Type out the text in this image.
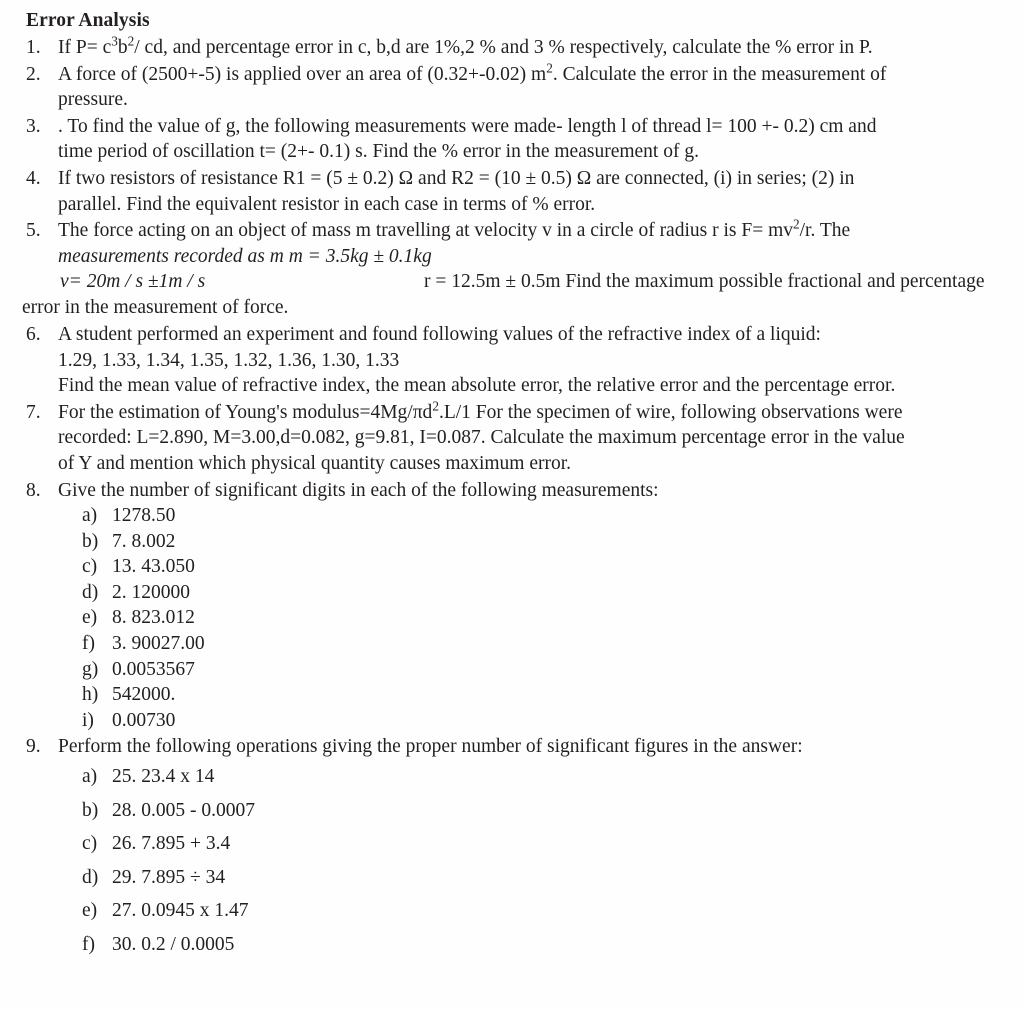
Error Analysis
1. If $P= c^3b^2/$ cd, and percentage error in c, b,d are 1%,2 % and 3 % respectively, calculate the % error in P.
2. A force of (2500+-5) is applied over an area of (0.32+-0.02) $m^2$. Calculate the error in the measurement of
pressure.
3. . To find the value of g, the following measurements were made- length l of thread l= 100 +- 0.2) cm and
time period of oscillation t= (2+- 0.1) s. Find the % error in the measurement of g.
4. If two resistors of resistance R1 = (5 ± 0.2) Ω and R2 = (10 ± 0.5) Ω are connected, (i) in series; (2) in
parallel. Find the equivalent resistor in each case in terms of % error.
5. The force acting on an object of mass m travelling at velocity v in a circle of radius r is $F= mv^2/r$. The
measurements recorded as m m = 3.5kg ± 0.1kg
v= 20m / s ±1m / s	r = 12.5m ± 0.5m Find the maximum possible fractional and percentage
error in the measurement of force.
6. A student performed an experiment and found following values of the refractive index of a liquid:
1.29, 1.33, 1.34, 1.35, 1.32, 1.36, 1.30, 1.33
Find the mean value of refractive index, the mean absolute error, the relative error and the percentage error.
7. For the estimation of Young's $modulus=4Mg/\pi d^2.L/1$ For the specimen of wire, following observations were
recorded: L=2.890, M=3.00,d=0.082, g=9.81, I=0.087. Calculate the maximum percentage error in the value
of Y and mention which physical quantity causes maximum error.
8. Give the number of significant digits in each of the following measurements:
a) 1278.50
b) 7. 8.002
c) 13. 43.050
d) 2. 120000
e) 8. 823.012
f) 3. 90027.00
g) 0.0053567
h) 542000.
i) 0.00730
9. Perform the following operations giving the proper number of significant figures in the answer:
a) 25. 23.4 x 14
b) 28. 0.005 - 0.0007
c) 26. 7.895 + 3.4
d) 29. 7.895 ÷ 34
e) 27. 0.0945 x 1.47
f) 30. 0.2 / 0.0005
